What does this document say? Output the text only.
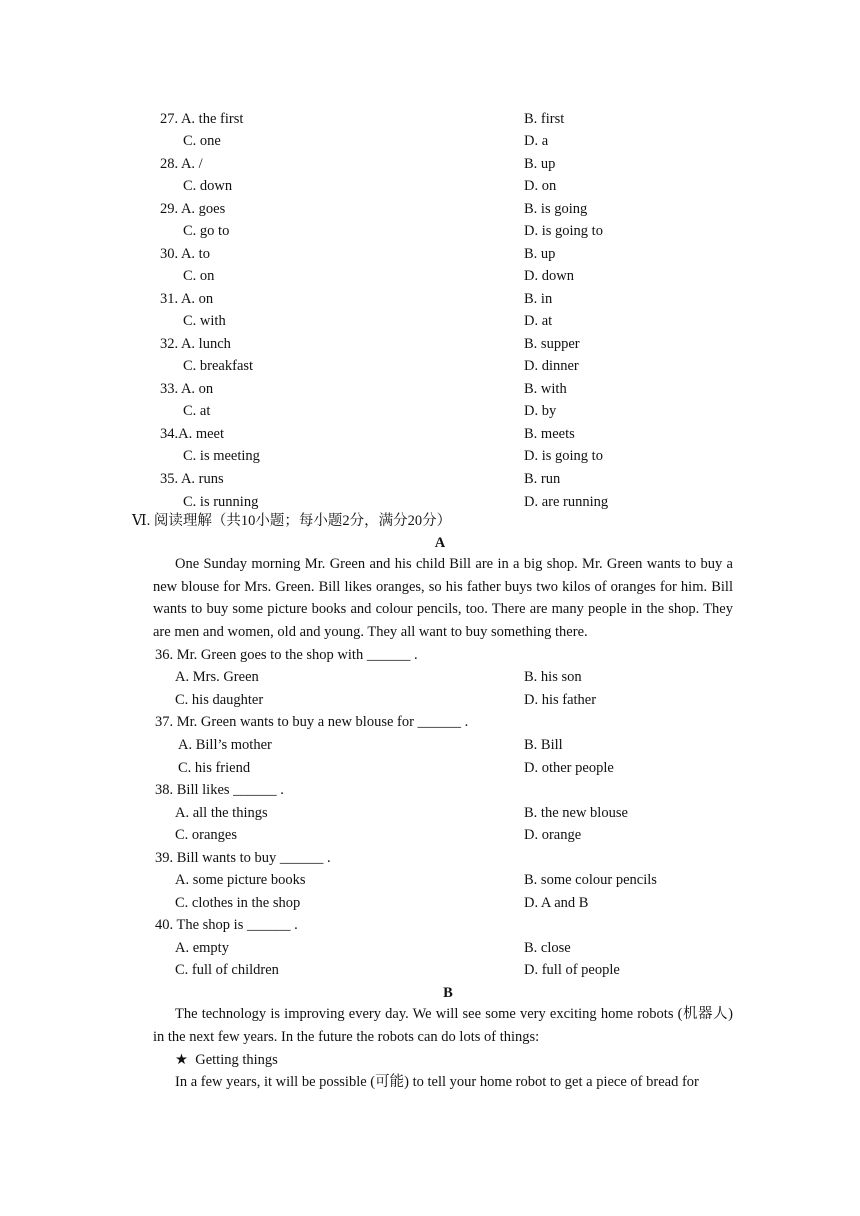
27. A. the first	B. first
C. one	D. a
28. A. /	B. up
C. down	D. on
29. A. goes	B. is going
C. go to	D. is going to
30. A. to	B. up
C. on	D. down
31. A. on	B. in
C. with	D. at
32. A. lunch	B. supper
C. breakfast	D. dinner
33. A. on	B. with
C. at	D. by
34.A. meet	B. meets
C. is meeting	D. is going to
35. A. runs	B. run
C. is running	D. are running
Ⅵ. 阅读理解（共10小题；每小题2分，满分20分）
A
One Sunday morning Mr. Green and his child Bill are in a big shop. Mr. Green wants to buy a new blouse for Mrs. Green. Bill likes oranges, so his father buys two kilos of oranges for him. Bill wants to buy some picture books and colour pencils, too. There are many people in the shop. They are men and women, old and young. They all want to buy something there.
36. Mr. Green goes to the shop with ______ .
A. Mrs. Green	B. his son
C. his daughter	D. his father
37. Mr. Green wants to buy a new blouse for ______ .
A. Bill’s mother	B. Bill
C. his friend	D. other people
38. Bill likes ______ .
A. all the things	B. the new blouse
C. oranges	D. orange
39. Bill wants to buy ______ .
A. some picture books	B. some colour pencils
C. clothes in the shop	D. A and B
40. The shop is ______ .
A. empty	B. close
C. full of children	D. full of people
B
The technology is improving every day. We will see some very exciting home robots (机器人) in the next few years. In the future the robots can do lots of things:
★  Getting things
In a few years, it will be possible (可能) to tell your home robot to get a piece of bread for
